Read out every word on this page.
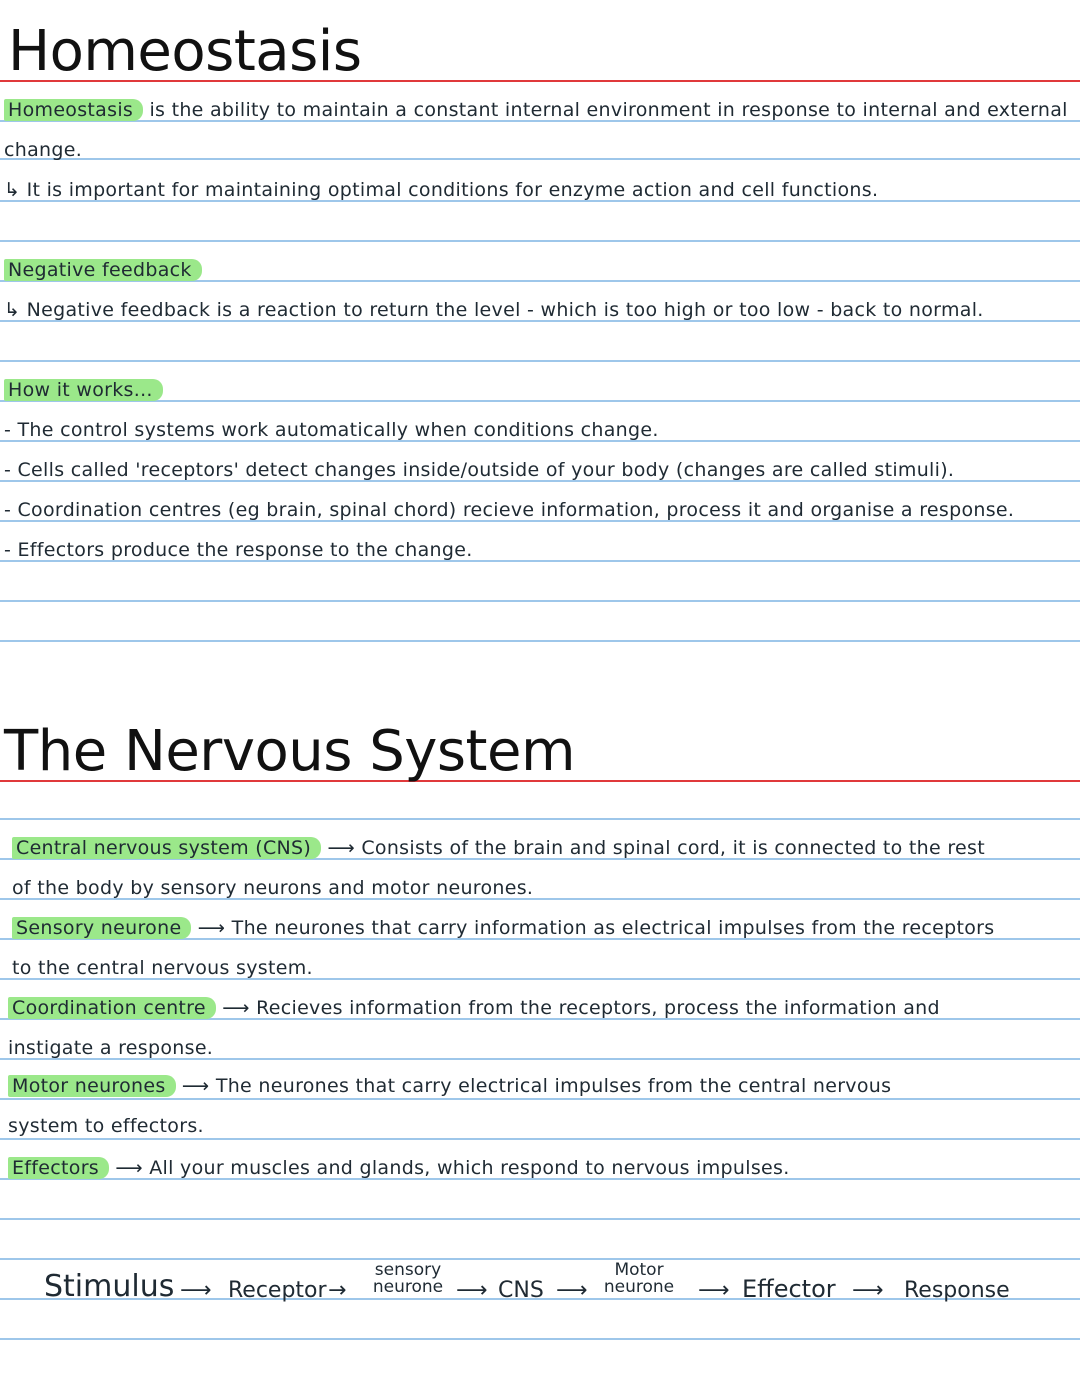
Homeostasis
Homeostasis is the ability to maintain a constant internal environment in response to internal and external
change.
↳ It is important for maintaining optimal conditions for enzyme action and cell functions.
Negative feedback
↳ Negative feedback is a reaction to return the level - which is too high or too low - back to normal.
How it works...
- The control systems work automatically when conditions change.
- Cells called 'receptors' detect changes inside/outside of your body (changes are called stimuli).
- Coordination centres (eg brain, spinal chord) recieve information, process it and organise a response.
- Effectors produce the response to the change.
The Nervous System
Central nervous system (CNS) ⟶ Consists of the brain and spinal cord, it is connected to the rest
of the body by sensory neurons and motor neurones.
Sensory neurone ⟶ The neurones that carry information as electrical impulses from the receptors
to the central nervous system.
Coordination centre ⟶ Recieves information from the receptors, process the information and
instigate a response.
Motor neurones ⟶ The neurones that carry electrical impulses from the central nervous
system to effectors.
Effectors ⟶ All your muscles and glands, which respond to nervous impulses.
Stimulus ⟶ Receptor →
sensory
neurone ⟶ CNS ⟶
Motor
neurone	⟶ Effector ⟶ Response
